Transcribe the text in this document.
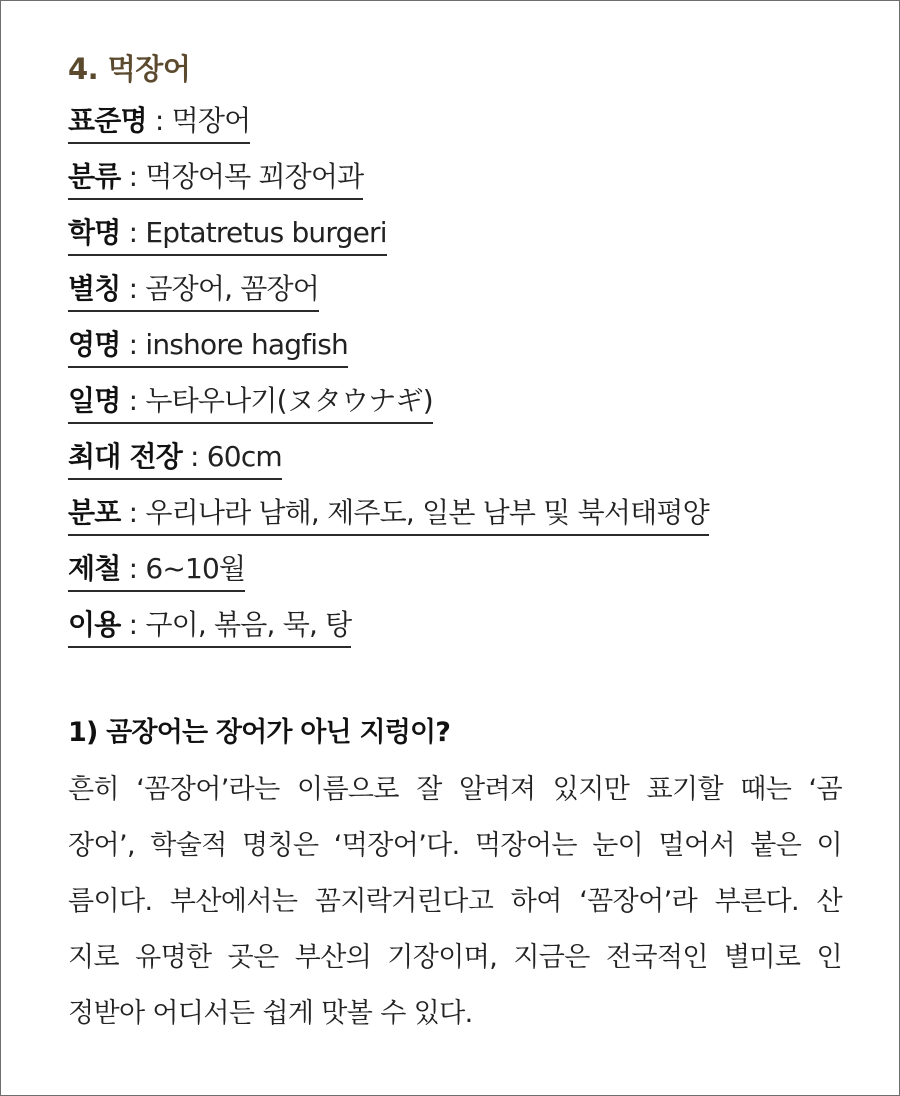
4. 먹장어
표준명 : 먹장어
분류 : 먹장어목 꾀장어과
학명 : Eptatretus burgeri
별칭 : 곰장어, 꼼장어
영명 : inshore hagfish
일명 : 누타우나기(ヌタウナギ)
최대 전장 : 60cm
분포 : 우리나라 남해, 제주도, 일본 남부 및 북서태평양
제철 : 6~10월
이용 : 구이, 볶음, 묵, 탕
1) 곰장어는 장어가 아닌 지렁이?
흔히 ‘꼼장어’라는 이름으로 잘 알려져 있지만 표기할 때는 ‘곰
장어’, 학술적 명칭은 ‘먹장어’다. 먹장어는 눈이 멀어서 붙은 이
름이다. 부산에서는 꼼지락거린다고 하여 ‘꼼장어’라 부른다. 산
지로 유명한 곳은 부산의 기장이며, 지금은 전국적인 별미로 인
정받아 어디서든 쉽게 맛볼 수 있다.
